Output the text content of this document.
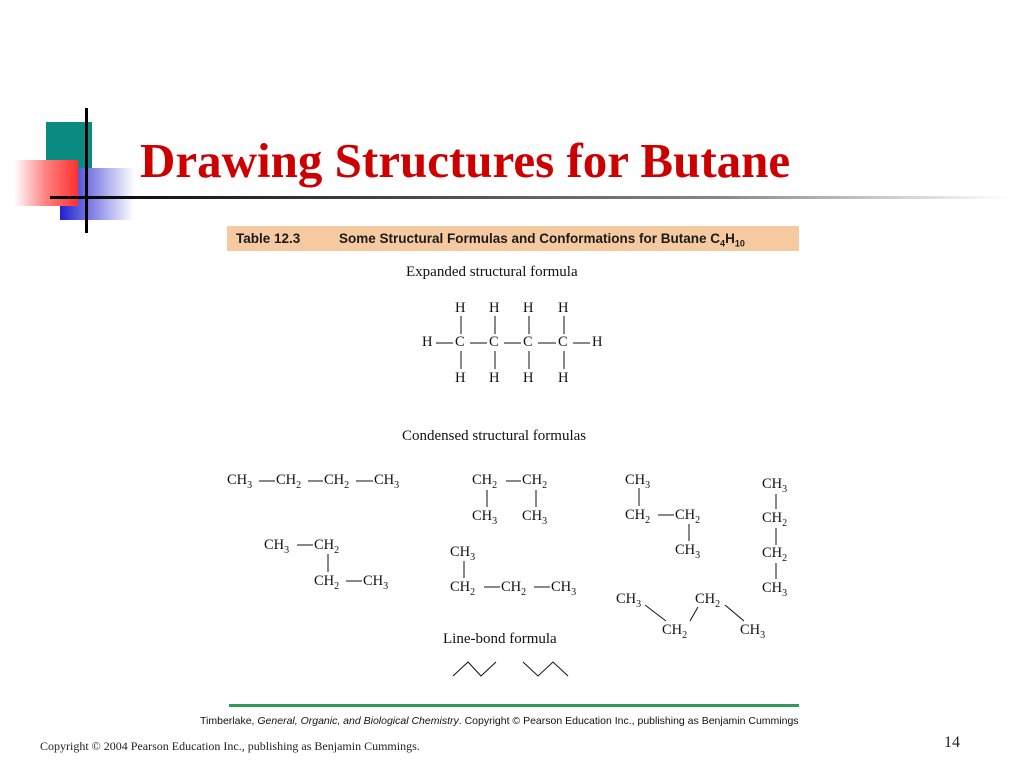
Drawing Structures for Butane
Table 12.3	Some Structural Formulas and Conformations for Butane $C_4H_{10}$
Expanded structural formula
Condensed structural formulas
Line-bond formula
H H H H
H C C C C H
H H H H
$CH_3$ $CH_2$ $CH_2$ $CH_3$	$CH_2$ $CH_2$
$CH_3$ $CH_3$
$CH_3$
$CH_2$ $CH_2$
$CH_3$
$CH_3$
$CH_2$
$CH_2$
$CH_3$
$CH_3$ $CH_2$
$CH_2$ $CH_3$
$CH_3$
$CH_2$ $CH_2$ $CH_3$	$CH_3$	$CH_2$
$CH_2$	$CH_3$
Timberlake, General, Organic, and Biological Chemistry. Copyright © Pearson Education Inc., publishing as Benjamin Cummings
Copyright © 2004 Pearson Education Inc., publishing as Benjamin Cummings.	14
